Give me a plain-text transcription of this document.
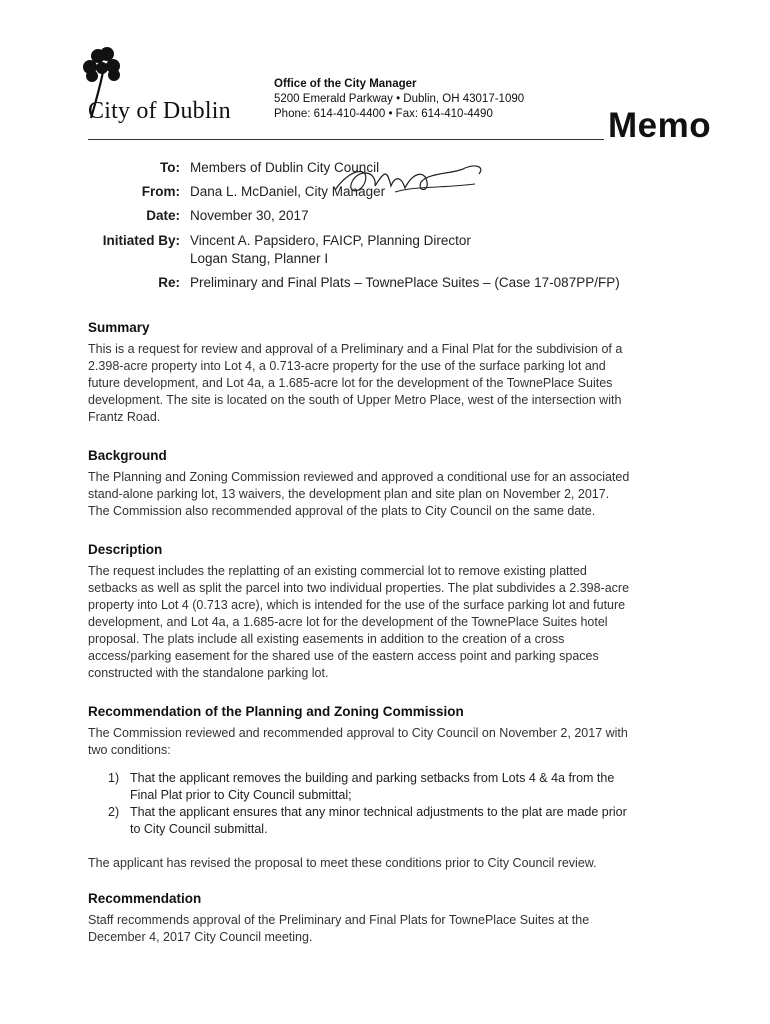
City of Dublin
Office of the City Manager
5200 Emerald Parkway • Dublin, OH 43017-1090
Phone: 614-410-4400 • Fax: 614-410-4490	Memo
To: Members of Dublin City Council
From: Dana L. McDaniel, City Manager
Date: November 30, 2017
Initiated By: Vincent A. Papsidero, FAICP, Planning Director
Logan Stang, Planner I
Re: Preliminary and Final Plats – TownePlace Suites – (Case 17-087PP/FP)
Summary

This is a request for review and approval of a Preliminary and a Final Plat for the subdivision of a

2.398-acre property into Lot 4, a 0.713-acre property for the use of the surface parking lot and

future development, and Lot 4a, a 1.685-acre lot for the development of the TownePlace Suites

development. The site is located on the south of Upper Metro Place, west of the intersection with

Frantz Road.

Background

The Planning and Zoning Commission reviewed and approved a conditional use for an associated

stand-alone parking lot, 13 waivers, the development plan and site plan on November 2, 2017.

The Commission also recommended approval of the plats to City Council on the same date.

Description

The request includes the replatting of an existing commercial lot to remove existing platted

setbacks as well as split the parcel into two individual properties. The plat subdivides a 2.398-acre

property into Lot 4 (0.713 acre), which is intended for the use of the surface parking lot and future

development, and Lot 4a, a 1.685-acre lot for the development of the TownePlace Suites hotel

proposal. The plats include all existing easements in addition to the creation of a cross

access/parking easement for the shared use of the eastern access point and parking spaces

constructed with the standalone parking lot.

Recommendation of the Planning and Zoning Commission

The Commission reviewed and recommended approval to City Council on November 2, 2017 with

two conditions:

1) That the applicant removes the building and parking setbacks from Lots 4 & 4a from the
Final Plat prior to City Council submittal;
2) That the applicant ensures that any minor technical adjustments to the plat are made prior
to City Council submittal.

The applicant has revised the proposal to meet these conditions prior to City Council review.

Recommendation

Staff recommends approval of the Preliminary and Final Plats for TownePlace Suites at the

December 4, 2017 City Council meeting.
